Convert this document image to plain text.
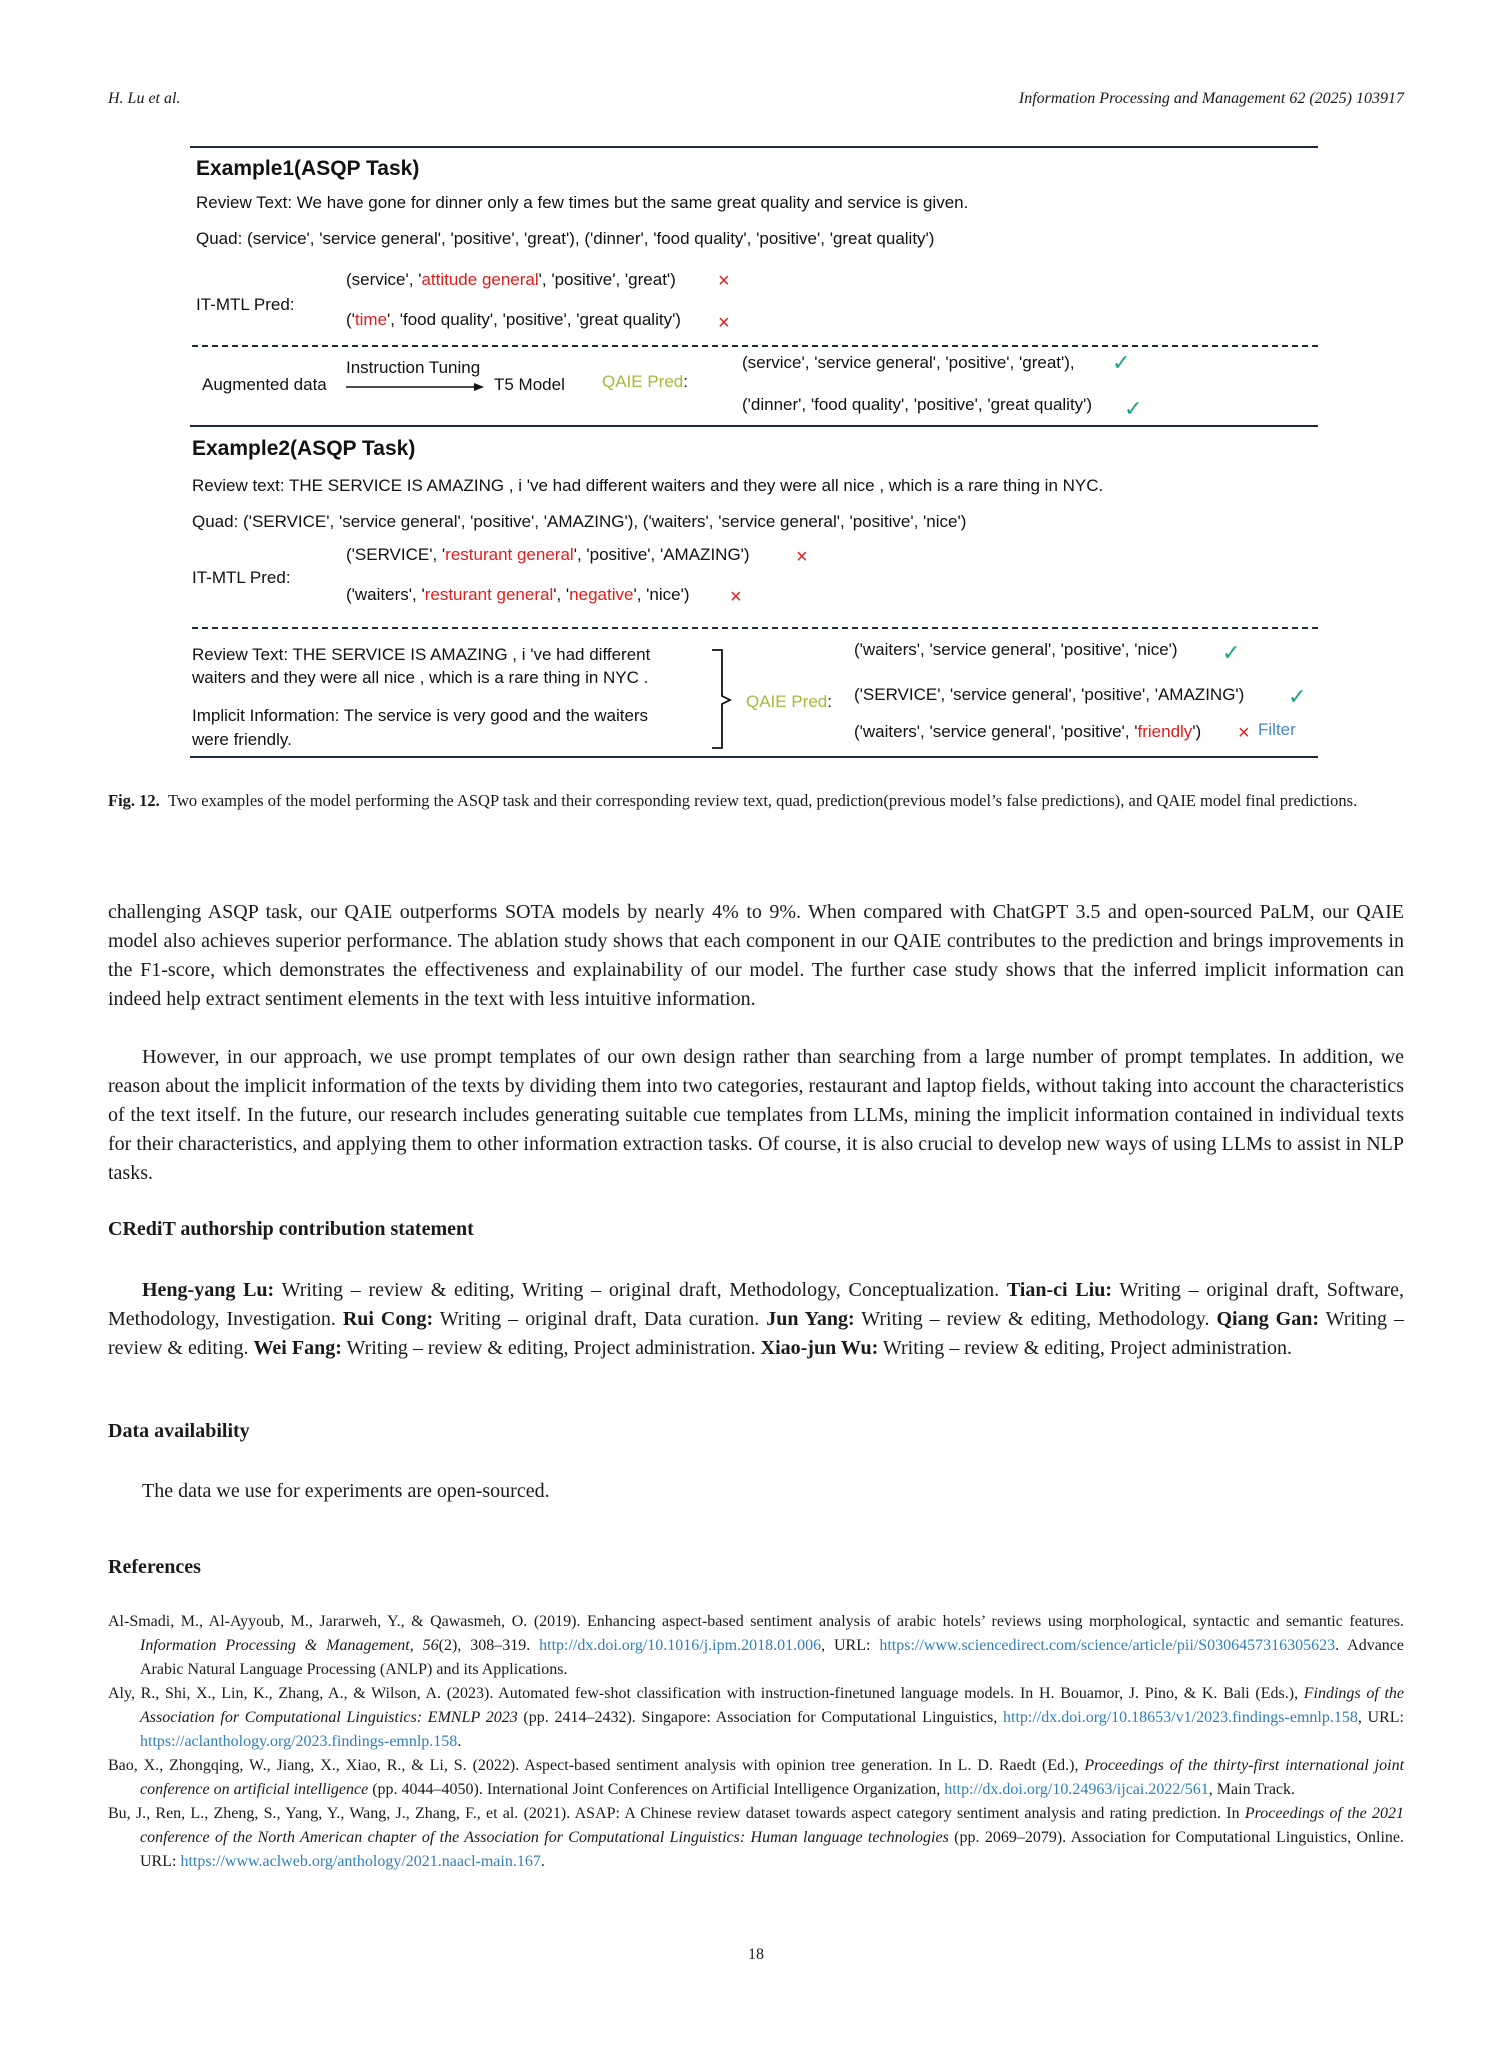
H. Lu et al.	Information Processing and Management 62 (2025) 103917
Example1(ASQP Task)
Review Text: We have gone for dinner only a few times but the same great quality and service is given.
Quad: (service', 'service general', 'positive', 'great'), ('dinner', 'food quality', 'positive', 'great quality')
IT-MTL Pred:
(service', 'attitude general', 'positive', 'great') ×
('time', 'food quality', 'positive', 'great quality') ×
Augmented data
Instruction Tuning
T5 Model QAIE Pred:
(service', 'service general', 'positive', 'great'), ✓
('dinner', 'food quality', 'positive', 'great quality') ✓
Example2(ASQP Task)
Review text: THE SERVICE IS AMAZING , i 've had different waiters and they were all nice , which is a rare thing in NYC.
Quad: ('SERVICE', 'service general', 'positive', 'AMAZING'), ('waiters', 'service general', 'positive', 'nice')
IT-MTL Pred:
('SERVICE', 'resturant general', 'positive', 'AMAZING') ×
('waiters', 'resturant general', 'negative', 'nice') ×
Review Text: THE SERVICE IS AMAZING , i 've had different
waiters and they were all nice , which is a rare thing in NYC .
Implicit Information: The service is very good and the waiters
were friendly.
QAIE Pred:
('waiters', 'service general', 'positive', 'nice') ✓
('SERVICE', 'service general', 'positive', 'AMAZING') ✓
('waiters', 'service general', 'positive', 'friendly') × Filter
Fig. 12. Two examples of the model performing the ASQP task and their corresponding review text, quad, prediction(previous model’s false predictions), and QAIE model final predictions.
challenging ASQP task, our QAIE outperforms SOTA models by nearly 4% to 9%. When compared with ChatGPT 3.5 and open-sourced PaLM, our QAIE model also achieves superior performance. The ablation study shows that each component in our QAIE contributes to the prediction and brings improvements in the F1-score, which demonstrates the effectiveness and explainability of our model. The further case study shows that the inferred implicit information can indeed help extract sentiment elements in the text with less intuitive information.
However, in our approach, we use prompt templates of our own design rather than searching from a large number of prompt templates. In addition, we reason about the implicit information of the texts by dividing them into two categories, restaurant and laptop fields, without taking into account the characteristics of the text itself. In the future, our research includes generating suitable cue templates from LLMs, mining the implicit information contained in individual texts for their characteristics, and applying them to other information extraction tasks. Of course, it is also crucial to develop new ways of using LLMs to assist in NLP tasks.
CRediT authorship contribution statement
Heng-yang Lu: Writing – review & editing, Writing – original draft, Methodology, Conceptualization. Tian-ci Liu: Writing – original draft, Software, Methodology, Investigation. Rui Cong: Writing – original draft, Data curation. Jun Yang: Writing – review & editing, Methodology. Qiang Gan: Writing – review & editing. Wei Fang: Writing – review & editing, Project administration. Xiao-jun Wu: Writing – review & editing, Project administration.
Data availability
The data we use for experiments are open-sourced.
References
Al-Smadi, M., Al-Ayyoub, M., Jararweh, Y., & Qawasmeh, O. (2019). Enhancing aspect-based sentiment analysis of arabic hotels’ reviews using morphological, syntactic and semantic features. Information Processing & Management, 56(2), 308–319. http://dx.doi.org/10.1016/j.ipm.2018.01.006, URL: https://www.sciencedirect.com/science/article/pii/S0306457316305623. Advance Arabic Natural Language Processing (ANLP) and its Applications.
Aly, R., Shi, X., Lin, K., Zhang, A., & Wilson, A. (2023). Automated few-shot classification with instruction-finetuned language models. In H. Bouamor, J. Pino, & K. Bali (Eds.), Findings of the Association for Computational Linguistics: EMNLP 2023 (pp. 2414–2432). Singapore: Association for Computational Linguistics, http://dx.doi.org/10.18653/v1/2023.findings-emnlp.158, URL: https://aclanthology.org/2023.findings-emnlp.158.
Bao, X., Zhongqing, W., Jiang, X., Xiao, R., & Li, S. (2022). Aspect-based sentiment analysis with opinion tree generation. In L. D. Raedt (Ed.), Proceedings of the thirty-first international joint conference on artificial intelligence (pp. 4044–4050). International Joint Conferences on Artificial Intelligence Organization, http://dx.doi.org/10.24963/ijcai.2022/561, Main Track.
Bu, J., Ren, L., Zheng, S., Yang, Y., Wang, J., Zhang, F., et al. (2021). ASAP: A Chinese review dataset towards aspect category sentiment analysis and rating prediction. In Proceedings of the 2021 conference of the North American chapter of the Association for Computational Linguistics: Human language technologies (pp. 2069–2079). Association for Computational Linguistics, Online. URL: https://www.aclweb.org/anthology/2021.naacl-main.167.
18
